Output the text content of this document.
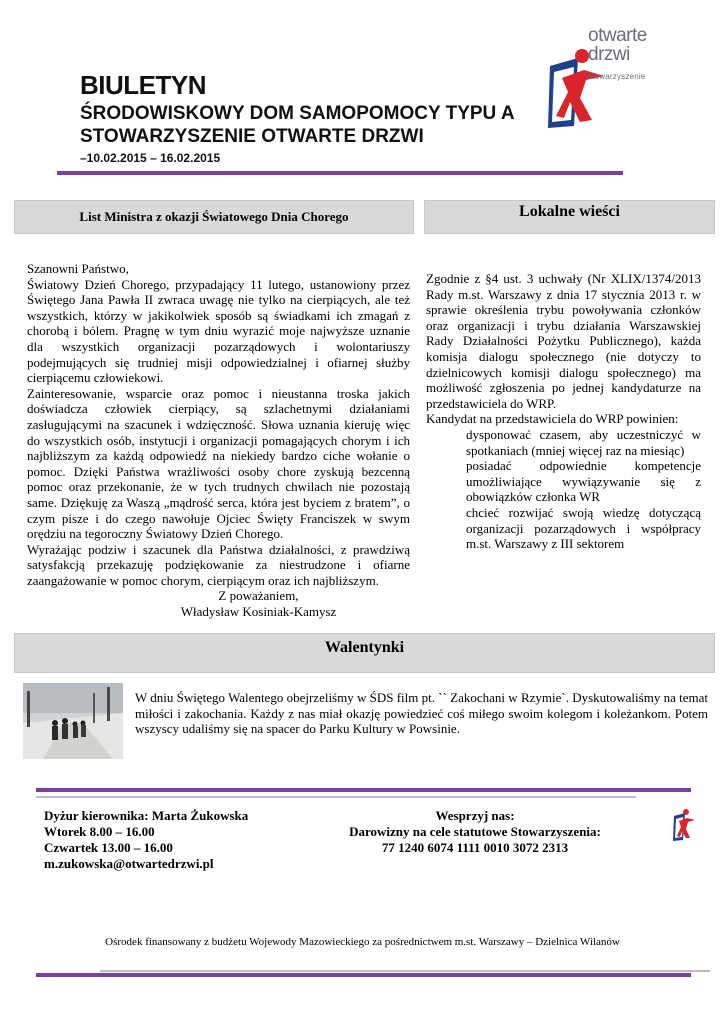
otwarte
drzwi
stowarzyszenie
BIULETYN
ŚRODOWISKOWY DOM SAMOPOMOCY TYPU A
STOWARZYSZENIE OTWARTE DRZWI
–10.02.2015 – 16.02.2015
List Ministra z okazji Światowego Dnia Chorego	Lokalne wieści

Szanowni Państwo,

Światowy Dzień Chorego, przypadający 11 lutego, ustanowiony przez Świętego Jana Pawła II zwraca uwagę nie tylko na cierpiących, ale też wszystkich, którzy w jakikolwiek sposób są świadkami ich zmagań z chorobą i bólem. Pragnę w tym dniu wyrazić moje najwyższe uznanie dla wszystkich organizacji pozarządowych i wolontariuszy podejmujących się trudniej misji odpowiedzialnej i ofiarnej służby cierpiącemu człowiekowi.

Zainteresowanie, wsparcie oraz pomoc i nieustanna troska jakich doświadcza człowiek cierpiący, są szlachetnymi działaniami zasługującymi na szacunek i wdzięczność. Słowa uznania kieruję więc do wszystkich osób, instytucji i organizacji pomagających chorym i ich najbliższym za każdą odpowiedź na niekiedy bardzo ciche wołanie o pomoc. Dzięki Państwa wrażliwości osoby chore zyskują bezcenną pomoc oraz przekonanie, że w tych trudnych chwilach nie pozostają same. Dziękuję za Waszą „mądrość serca, która jest byciem z bratem”, o czym pisze i do czego nawołuje Ojciec Święty Franciszek w swym orędziu na tegoroczny Światowy Dzień Chorego.

Wyrażając podziw i szacunek dla Państwa działalności, z prawdziwą satysfakcją przekazuję podziękowanie za niestrudzone i ofiarne zaangażowanie w pomoc chorym, cierpiącym oraz ich najbliższym.

Z poważaniem,

Władysław Kosiniak-Kamysz

Zgodnie z §4 ust. 3 uchwały (Nr XLIX/1374/2013 Rady m.st. Warszawy z dnia 17 stycznia 2013 r. w sprawie określenia trybu powoływania członków oraz organizacji i trybu działania Warszawskiej Rady Działalności Pożytku Publicznego), każda komisja dialogu społecznego (nie dotyczy to dzielnicowych komisji dialogu społecznego) ma możliwość zgłoszenia po jednej kandydaturze na przedstawiciela do WRP.

Kandydat na przedstawiciela do WRP powinien:

dysponować czasem, aby uczestniczyć w spotkaniach (mniej więcej raz na miesiąc)
posiadać odpowiednie kompetencje umożliwiające wywiązywanie się z obowiązków członka WR
chcieć rozwijać swoją wiedzę dotyczącą organizacji pozarządowych i współpracy m.st. Warszawy z III sektorem
Walentynki
W dniu Świętego Walentego obejrzeliśmy w ŚDS film pt. `` Zakochani w Rzymie`. Dyskutowaliśmy na temat miłości i zakochania. Każdy z nas miał okazję powiedzieć coś miłego swoim kolegom i koleżankom. Potem wszyscy udaliśmy się na spacer do Parku Kultury w Powsinie.
Dyżur kierownika: Marta Żukowska
Wtorek 8.00 – 16.00
Czwartek 13.00 – 16.00
m.zukowska@otwartedrzwi.pl
Wesprzyj nas:
Darowizny na cele statutowe Stowarzyszenia:
77 1240 6074 1111 0010 3072 2313
Ośrodek finansowany z budżetu Wojewody Mazowieckiego za pośrednictwem m.st. Warszawy – Dzielnica Wilanów
